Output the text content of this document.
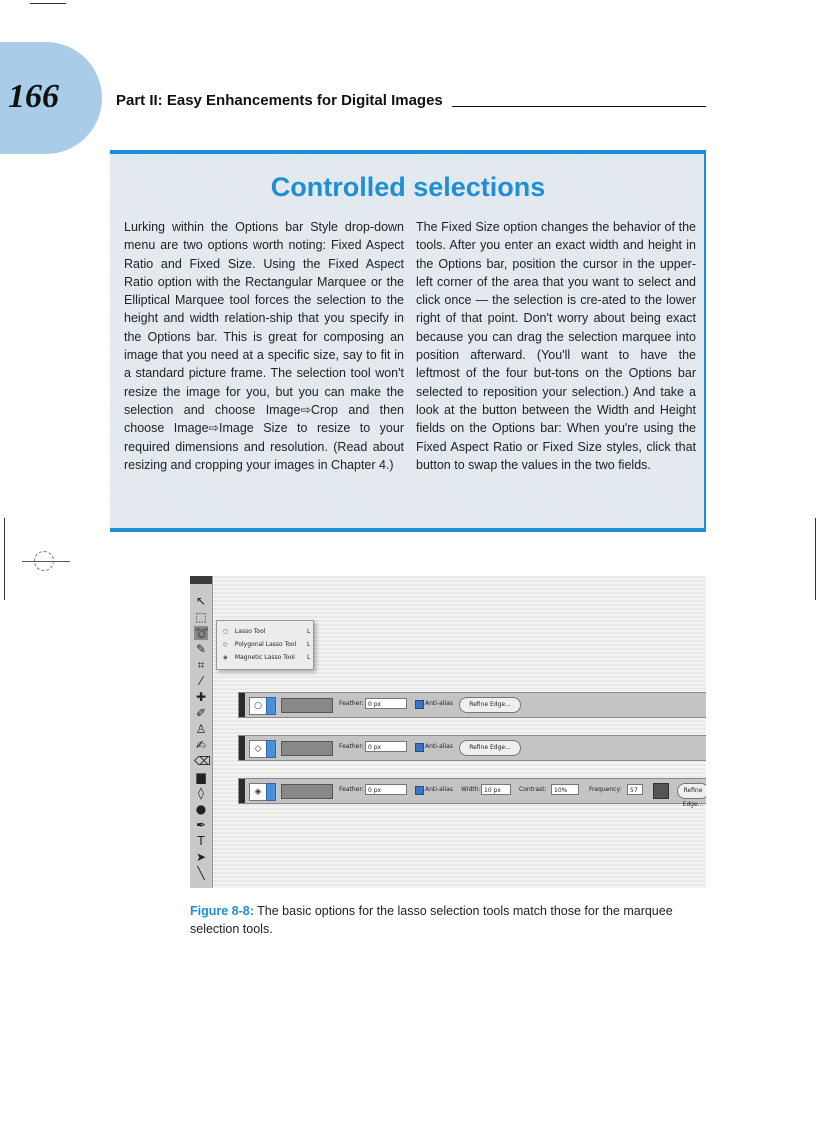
166	Part II: Easy Enhancements for Digital Images
Controlled selections
Lurking within the Options bar Style drop-down menu are two options worth noting: Fixed Aspect Ratio and Fixed Size. Using the Fixed Aspect Ratio option with the Rectangular Marquee or the Elliptical Marquee tool forces the selection to the height and width relation-ship that you specify in the Options bar. This is great for composing an image that you need at a specific size, say to fit in a standard picture frame. The selection tool won't resize the image for you, but you can make the selection and choose Image⇨Crop and then choose Image⇨Image Size to resize to your required dimensions and resolution. (Read about resizing and cropping your images in Chapter 4.)
The Fixed Size option changes the behavior of the tools. After you enter an exact width and height in the Options bar, position the cursor in the upper-left corner of the area that you want to select and click once — the selection is cre-ated to the lower right of that point. Don't worry about being exact because you can drag the selection marquee into position afterward. (You'll want to have the leftmost of the four but-tons on the Options bar selected to reposition your selection.) And take a look at the button between the Width and Height fields on the Options bar: When you're using the Fixed Aspect Ratio or Fixed Size styles, click that button to swap the values in the two fields.
↖
⬚
➰
✎
⌗
⁄
✚
✐
♙
✍
⌫
▆
◊
●
✒
T
➤
╲
○ Lasso Tool	L
◇ Polygonal Lasso Tool L
◈ Magnetic Lasso Tool L
○	Feather: 0 px	Anti-alias	Refine Edge...
◇	Feather: 0 px	Anti-alias	Refine Edge...
◈	Feather: 0 px	Anti-alias Width: 10 px	Contrast:	10%	Frequency:	57	Refine Edge...
Figure 8-8: The basic options for the lasso selection tools match those for the marquee selection tools.
